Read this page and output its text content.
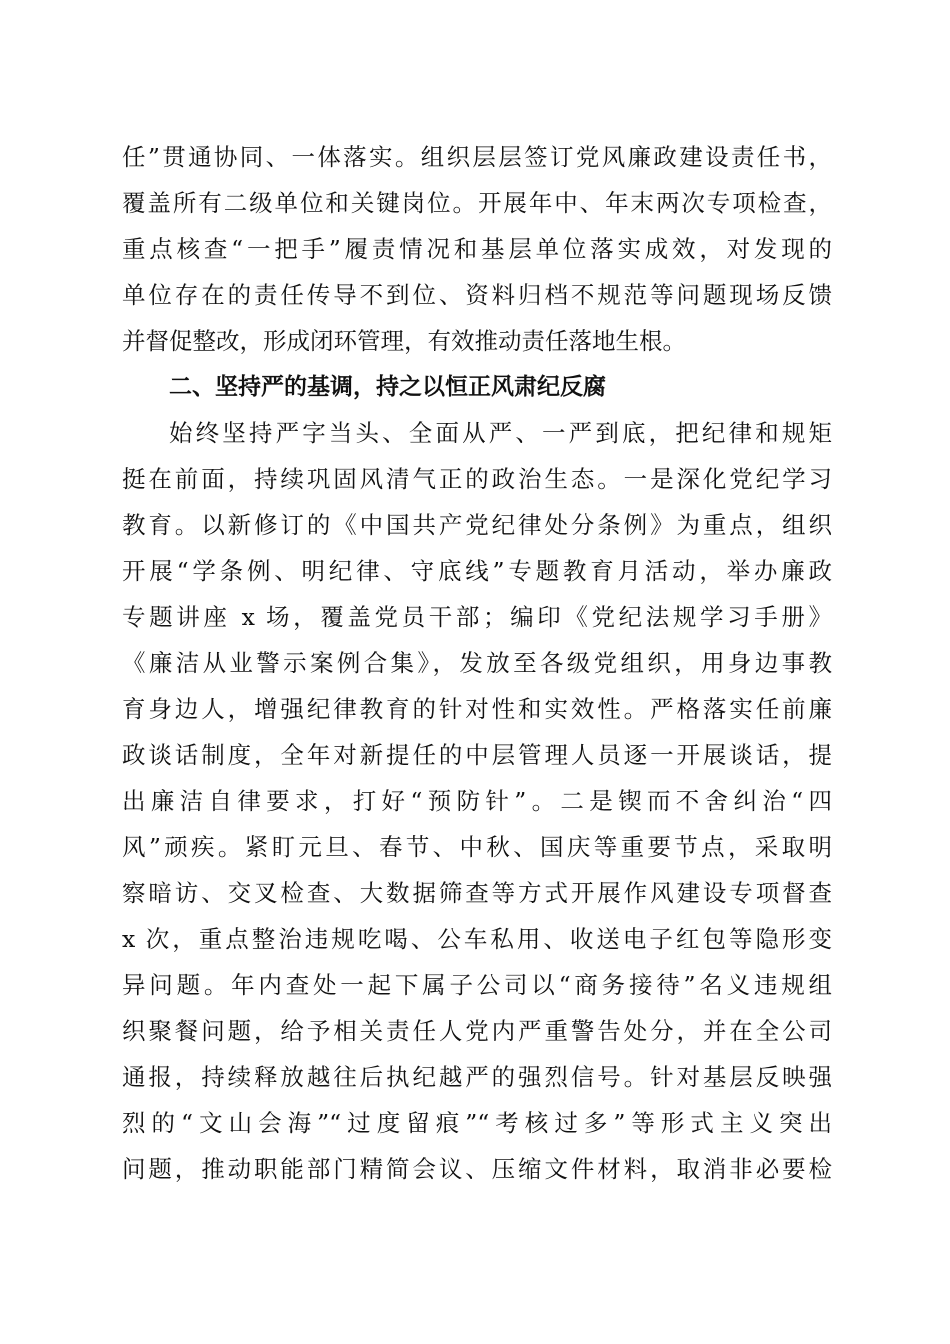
任”贯通协同、一体落实。组织层层签订党风廉政建设责任书，
覆盖所有二级单位和关键岗位。开展年中、年末两次专项检查，
重点核查“一把手”履责情况和基层单位落实成效，对发现的
单位存在的责任传导不到位、资料归档不规范等问题现场反馈
并督促整改，形成闭环管理，有效推动责任落地生根。
二、坚持严的基调，持之以恒正风肃纪反腐
始终坚持严字当头、全面从严、一严到底，把纪律和规矩
挺在前面，持续巩固风清气正的政治生态。一是深化党纪学习
教育。以新修订的《中国共产党纪律处分条例》为重点，组织
开展“学条例、明纪律、守底线”专题教育月活动，举办廉政
专题讲座 x 场，覆盖党员干部；编印《党纪法规学习手册》
《廉洁从业警示案例合集》，发放至各级党组织，用身边事教
育身边人，增强纪律教育的针对性和实效性。严格落实任前廉
政谈话制度，全年对新提任的中层管理人员逐一开展谈话，提
出廉洁自律要求，打好“预防针”。二是锲而不舍纠治“四
风”顽疾。紧盯元旦、春节、中秋、国庆等重要节点，采取明
察暗访、交叉检查、大数据筛查等方式开展作风建设专项督查
x 次，重点整治违规吃喝、公车私用、收送电子红包等隐形变
异问题。年内查处一起下属子公司以“商务接待”名义违规组
织聚餐问题，给予相关责任人党内严重警告处分，并在全公司
通报，持续释放越往后执纪越严的强烈信号。针对基层反映强
烈的“文山会海”“过度留痕”“考核过多”等形式主义突出
问题，推动职能部门精简会议、压缩文件材料，取消非必要检
